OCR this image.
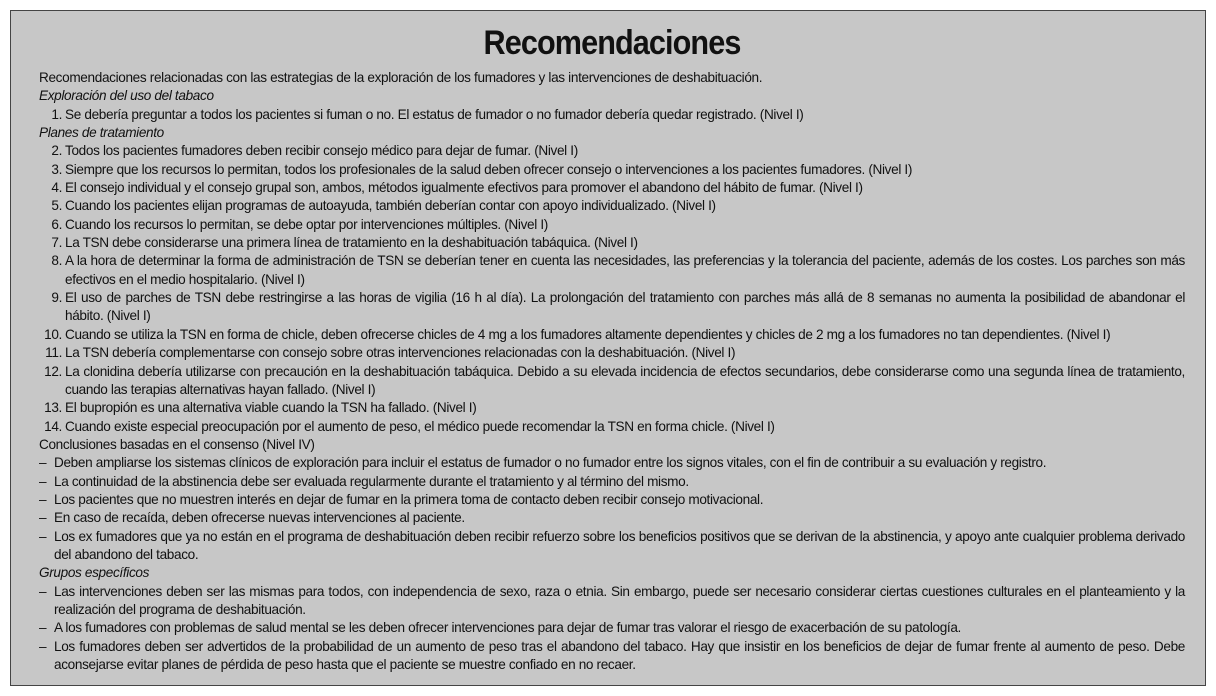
Recomendaciones
Recomendaciones relacionadas con las estrategias de la exploración de los fumadores y las intervenciones de deshabituación.
Exploración del uso del tabaco
1. Se debería preguntar a todos los pacientes si fuman o no. El estatus de fumador o no fumador debería quedar registrado. (Nivel I)
Planes de tratamiento
2. Todos los pacientes fumadores deben recibir consejo médico para dejar de fumar. (Nivel I)
3. Siempre que los recursos lo permitan, todos los profesionales de la salud deben ofrecer consejo o intervenciones a los pacientes fumadores. (Nivel I)
4. El consejo individual y el consejo grupal son, ambos, métodos igualmente efectivos para promover el abandono del hábito de fumar. (Nivel I)
5. Cuando los pacientes elijan programas de autoayuda, también deberían contar con apoyo individualizado. (Nivel I)
6. Cuando los recursos lo permitan, se debe optar por intervenciones múltiples. (Nivel I)
7. La TSN debe considerarse una primera línea de tratamiento en la deshabituación tabáquica. (Nivel I)
8. A la hora de determinar la forma de administración de TSN se deberían tener en cuenta las necesidades, las preferencias y la tolerancia del paciente, además de los costes. Los parches son más efectivos en el medio hospitalario. (Nivel I)
9. El uso de parches de TSN debe restringirse a las horas de vigilia (16 h al día). La prolongación del tratamiento con parches más allá de 8 semanas no aumenta la posibilidad de abandonar el hábito. (Nivel I)
10. Cuando se utiliza la TSN en forma de chicle, deben ofrecerse chicles de 4 mg a los fumadores altamente dependientes y chicles de 2 mg a los fumadores no tan dependientes. (Nivel I)
11. La TSN debería complementarse con consejo sobre otras intervenciones relacionadas con la deshabituación. (Nivel I)
12. La clonidina debería utilizarse con precaución en la deshabituación tabáquica. Debido a su elevada incidencia de efectos secundarios, debe considerarse como una segunda línea de tratamiento, cuando las terapias alternativas hayan fallado. (Nivel I)
13. El bupropión es una alternativa viable cuando la TSN ha fallado. (Nivel I)
14. Cuando existe especial preocupación por el aumento de peso, el médico puede recomendar la TSN en forma chicle. (Nivel I)
Conclusiones basadas en el consenso (Nivel IV)
– Deben ampliarse los sistemas clínicos de exploración para incluir el estatus de fumador o no fumador entre los signos vitales, con el fin de contribuir a su evaluación y registro.
– La continuidad de la abstinencia debe ser evaluada regularmente durante el tratamiento y al término del mismo.
– Los pacientes que no muestren interés en dejar de fumar en la primera toma de contacto deben recibir consejo motivacional.
– En caso de recaída, deben ofrecerse nuevas intervenciones al paciente.
– Los ex fumadores que ya no están en el programa de deshabituación deben recibir refuerzo sobre los beneficios positivos que se derivan de la abstinencia, y apoyo ante cualquier problema derivado del abandono del tabaco.
Grupos específicos
– Las intervenciones deben ser las mismas para todos, con independencia de sexo, raza o etnia. Sin embargo, puede ser necesario considerar ciertas cuestiones culturales en el planteamiento y la realización del programa de deshabituación.
– A los fumadores con problemas de salud mental se les deben ofrecer intervenciones para dejar de fumar tras valorar el riesgo de exacerbación de su patología.
– Los fumadores deben ser advertidos de la probabilidad de un aumento de peso tras el abandono del tabaco. Hay que insistir en los beneficios de dejar de fumar frente al aumento de peso. Debe aconsejarse evitar planes de pérdida de peso hasta que el paciente se muestre confiado en no recaer.
